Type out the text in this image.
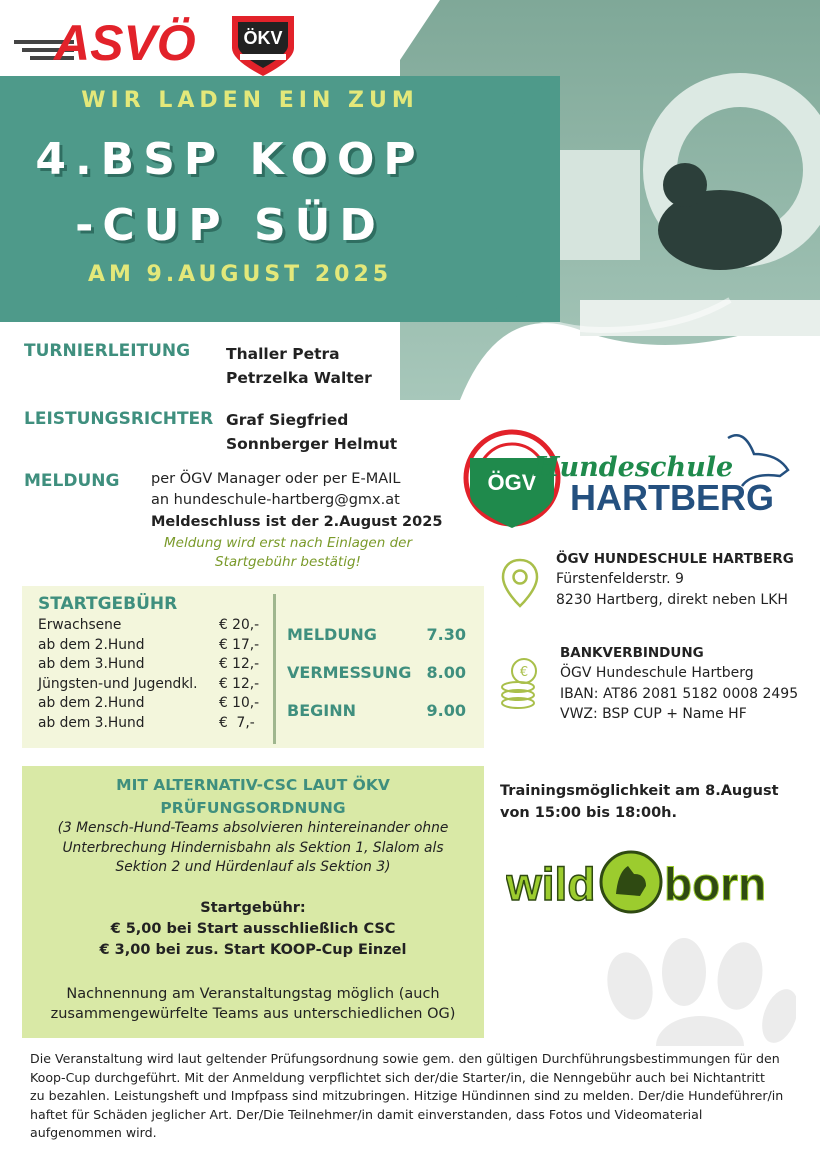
ASVÖ	ÖKV
WIR LADEN EIN ZUM
4.BSP KOOP
-CUP SÜD
AM 9.AUGUST 2025
TURNIERLEITUNG Thaller Petra
Petrzelka Walter
LEISTUNGSRICHTER Graf Siegfried
Sonnberger Helmut
MELDUNG per ÖGV Manager oder per E-MAIL
an hundeschule-hartberg@gmx.at
Meldeschluss ist der 2.August 2025
Meldung wird erst nach Einlagen der
Startgebühr bestätig!
ÖGV
Hundeschule
HARTBERG
ÖGV HUNDESCHULE HARTBERG
Fürstenfelderstr. 9
8230 Hartberg, direkt neben LKH
€
BANKVERBINDUNG
ÖGV Hundeschule Hartberg
IBAN: AT86 2081 5182 0008 2495
VWZ: BSP CUP + Name HF
STARTGEBÜHR
Erwachsene
ab dem 2.Hund
ab dem 3.Hund
Jüngsten-und Jugendkl.
ab dem 2.Hund
ab dem 3.Hund
€ 20,-
€ 17,-
€ 12,-
€ 12,-
€ 10,-
€  7,-
MELDUNG
VERMESSUNG
BEGINN
7.30
8.00
9.00
MIT ALTERNATIV-CSC LAUT ÖKV
PRÜFUNGSORDNUNG
(3 Mensch-Hund-Teams absolvieren hintereinander ohne
Unterbrechung Hindernisbahn als Sektion 1, Slalom als
Sektion 2 und Hürdenlauf als Sektion 3)
Startgebühr:
€ 5,00 bei Start ausschließlich CSC
€ 3,00 bei zus. Start KOOP-Cup Einzel
Nachnennung am Veranstaltungstag möglich (auch
zusammengewürfelte Teams aus unterschiedlichen OG)
Trainingsmöglichkeit am 8.August
von 15:00 bis 18:00h.
wild born
Die Veranstaltung wird laut geltender Prüfungsordnung sowie gem. den gültigen Durchführungsbestimmungen für den
Koop-Cup durchgeführt. Mit der Anmeldung verpflichtet sich der/die Starter/in, die Nenngebühr auch bei Nichtantritt
zu bezahlen. Leistungsheft und Impfpass sind mitzubringen. Hitzige Hündinnen sind zu melden. Der/die Hundeführer/in
haftet für Schäden jeglicher Art. Der/Die Teilnehmer/in damit einverstanden, dass Fotos und Videomaterial
aufgenommen wird.
